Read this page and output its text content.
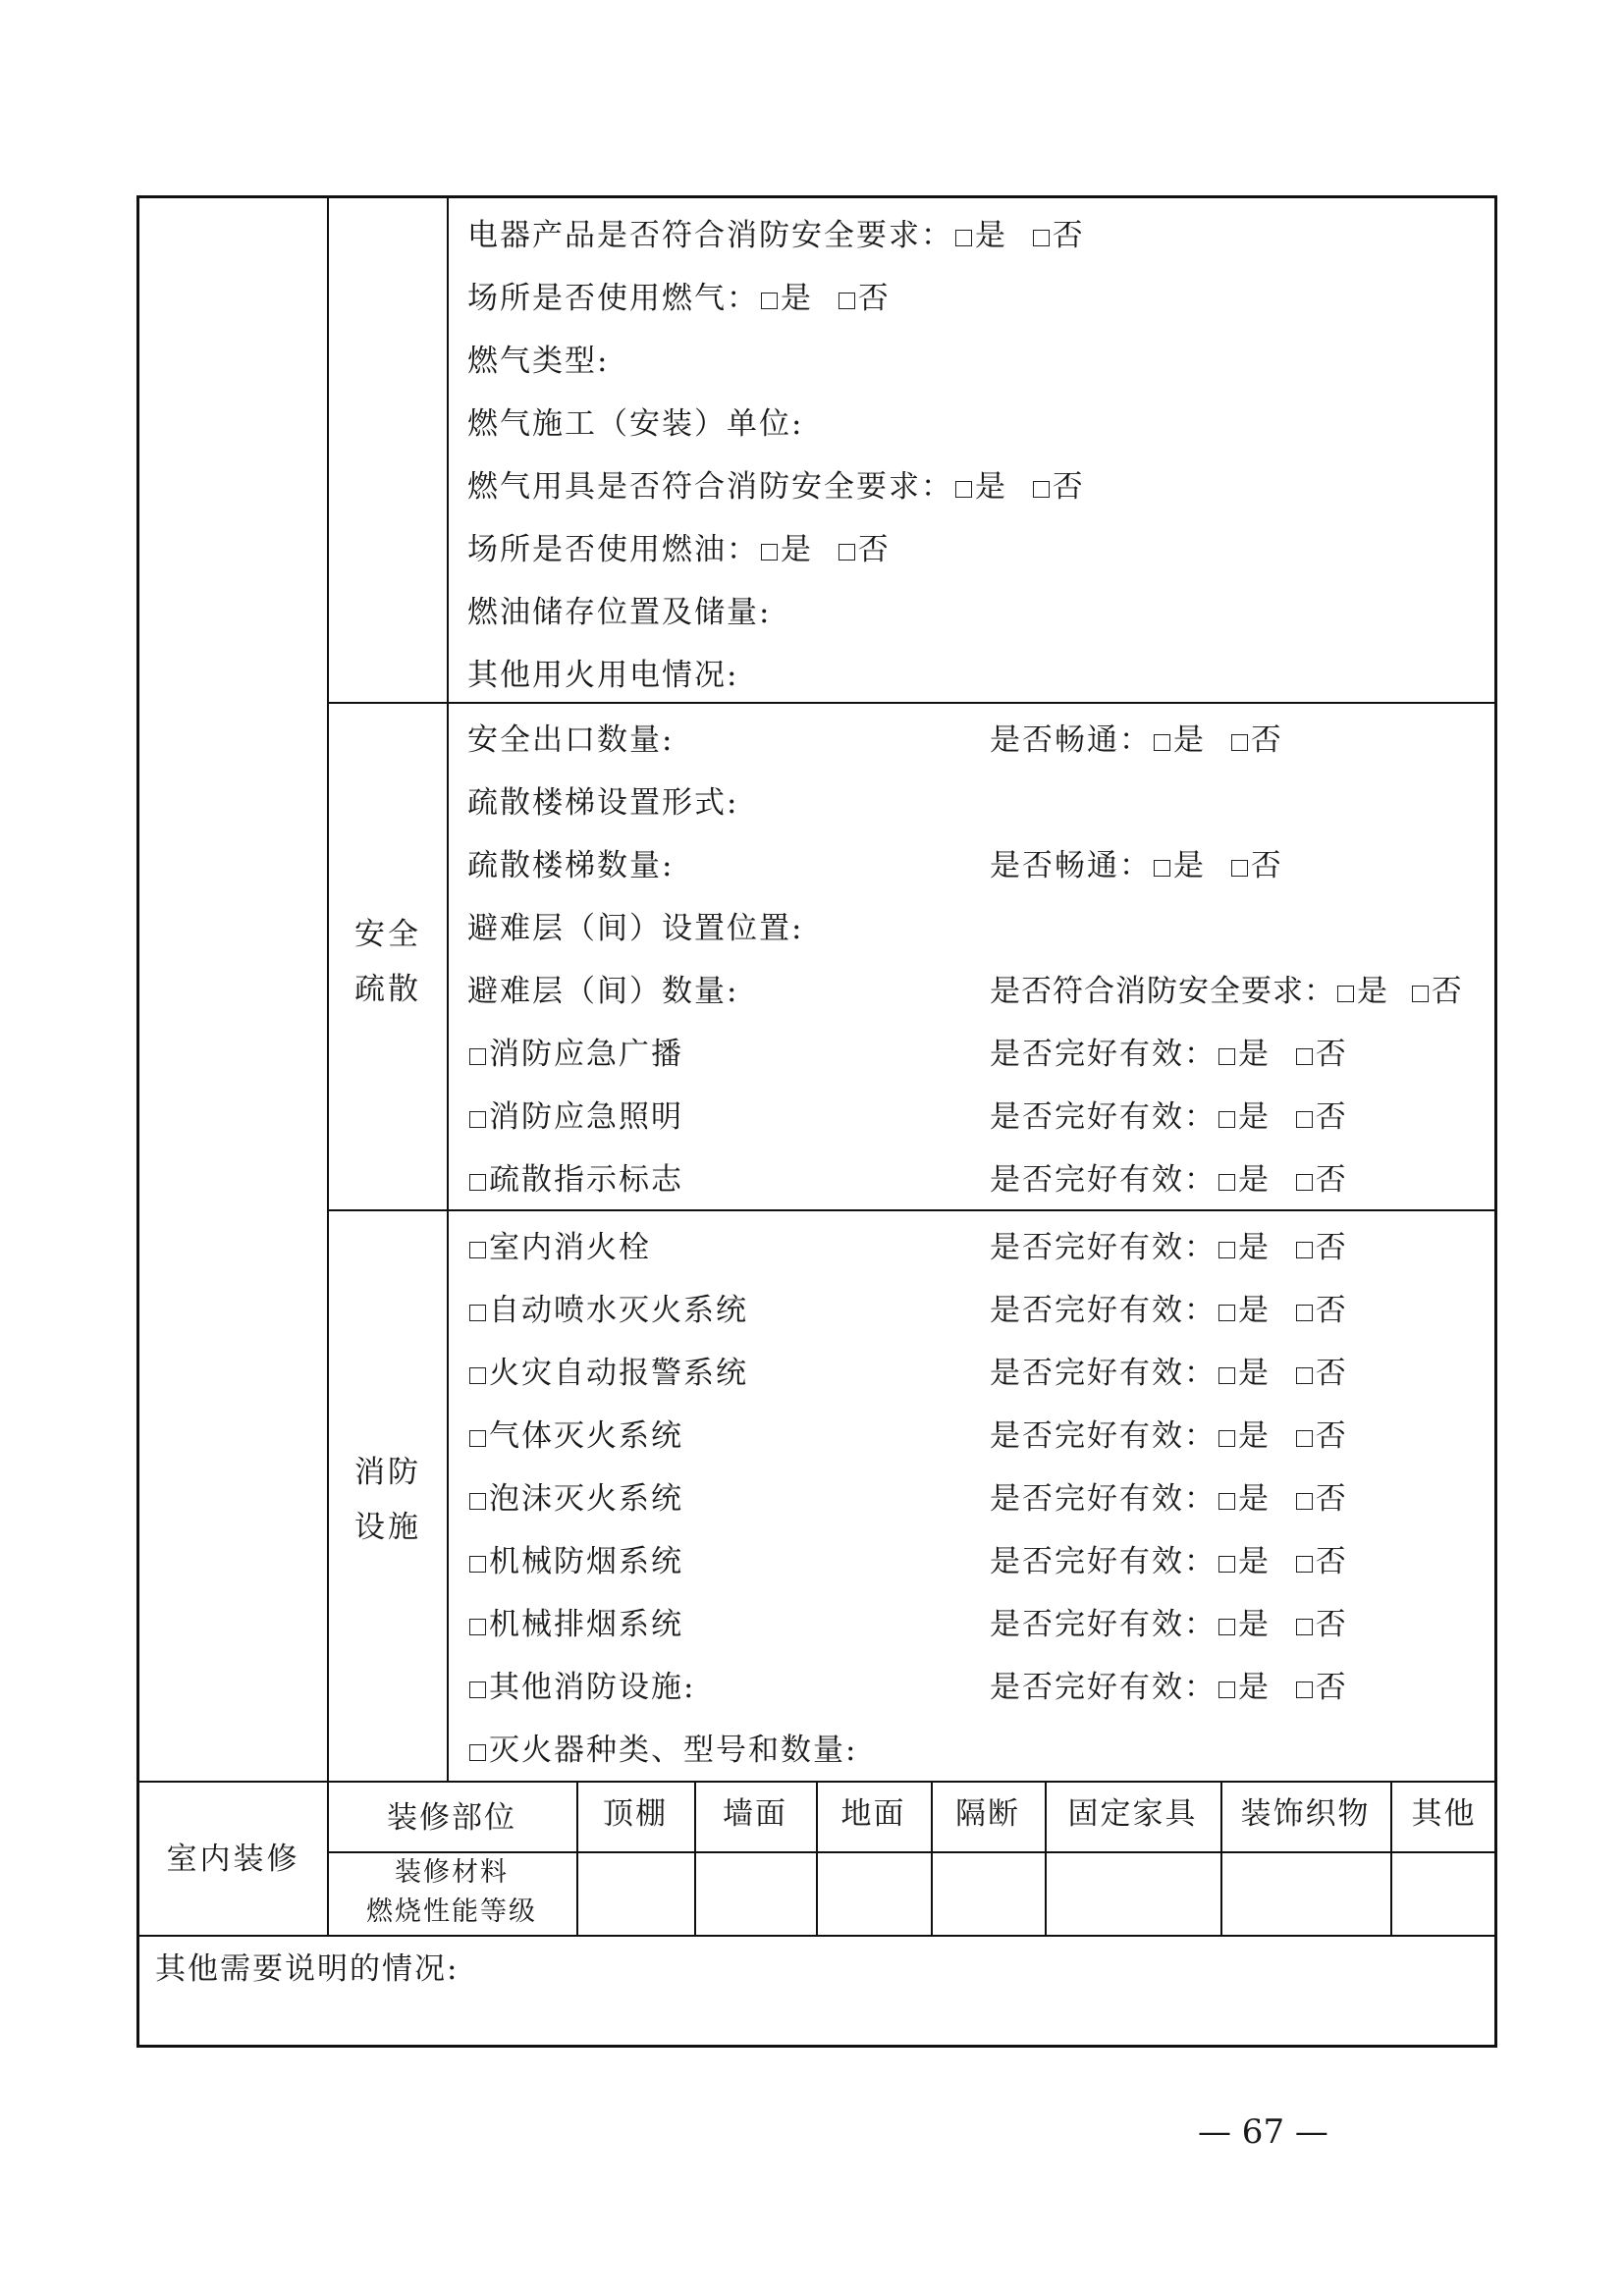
电器产品是否符合消防安全要求： 是 否
场所是否使用燃气： 是 否
燃气类型:
燃气施工（安装）单位:
燃气用具是否符合消防安全要求： 是 否
场所是否使用燃油： 是 否
燃油储存位置及储量:
其他用火用电情况:
安全
疏散
安全出口数量:	是否畅通： 是 否
疏散楼梯设置形式:
疏散楼梯数量:	是否畅通： 是 否
避难层（间）设置位置:
避难层（间）数量:	是否符合消防安全要求： 是 否
消防应急广播	是否完好有效： 是 否
消防应急照明	是否完好有效： 是 否
疏散指示标志	是否完好有效： 是 否
消防
设施
室内消火栓	是否完好有效： 是 否
自动喷水灭火系统	是否完好有效： 是 否
火灾自动报警系统	是否完好有效： 是 否
气体灭火系统	是否完好有效： 是 否
泡沫灭火系统	是否完好有效： 是 否
机械防烟系统	是否完好有效： 是 否
机械排烟系统	是否完好有效： 是 否
其他消防设施:	是否完好有效： 是 否
灭火器种类、型号和数量:
室内装修
装修部位	顶棚	墙面	地面	隔断	固定家具	装饰织物	其他
装修材料
燃烧性能等级
其他需要说明的情况:
— 67 —
